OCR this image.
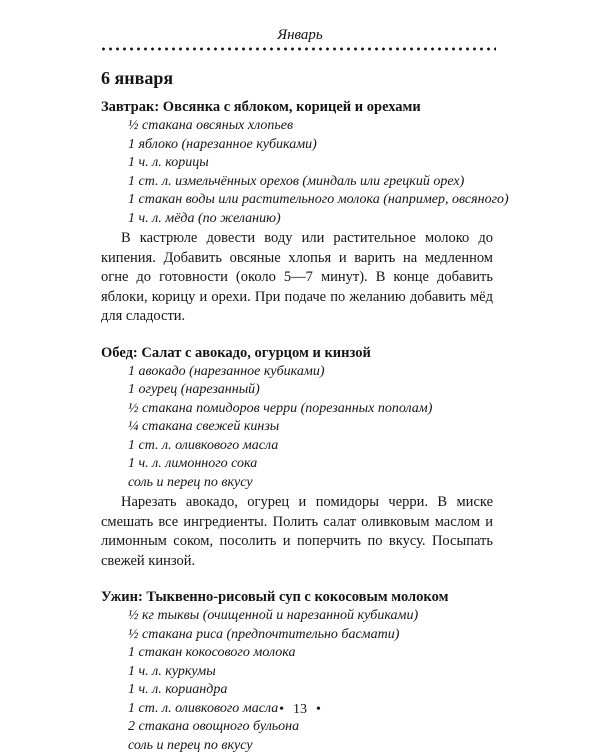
Январь
6 января
Завтрак: Овсянка с яблоком, корицей и орехами
½ стакана овсяных хлопьев
1 яблоко (нарезанное кубиками)
1 ч. л. корицы
1 ст. л. измельчённых орехов (миндаль или грецкий орех)
1 стакан воды или растительного молока (например, овсяного)
1 ч. л. мёда (по желанию)

В кастрюле довести воду или растительное молоко до кипения. Добавить овсяные хлопья и варить на медленном огне до готовности (около 5—7 минут). В конце добавить яблоки, корицу и орехи. При подаче по желанию добавить мёд для сладости.

Обед: Салат с авокадо, огурцом и кинзой
1 авокадо (нарезанное кубиками)
1 огурец (нарезанный)
½ стакана помидоров черри (порезанных пополам)
¼ стакана свежей кинзы
1 ст. л. оливкового масла
1 ч. л. лимонного сока
соль и перец по вкусу

Нарезать авокадо, огурец и помидоры черри. В миске смешать все ингредиенты. Полить салат оливковым маслом и лимонным соком, посолить и поперчить по вкусу. Посыпать свежей кинзой.

Ужин: Тыквенно-рисовый суп с кокосовым молоком
½ кг тыквы (очищенной и нарезанной кубиками)
½ стакана риса (предпочтительно басмати)
1 стакан кокосового молока
1 ч. л. куркумы
1 ч. л. кориандра
1 ст. л. оливкового масла
2 стакана овощного бульона
соль и перец по вкусу
• 13 •
